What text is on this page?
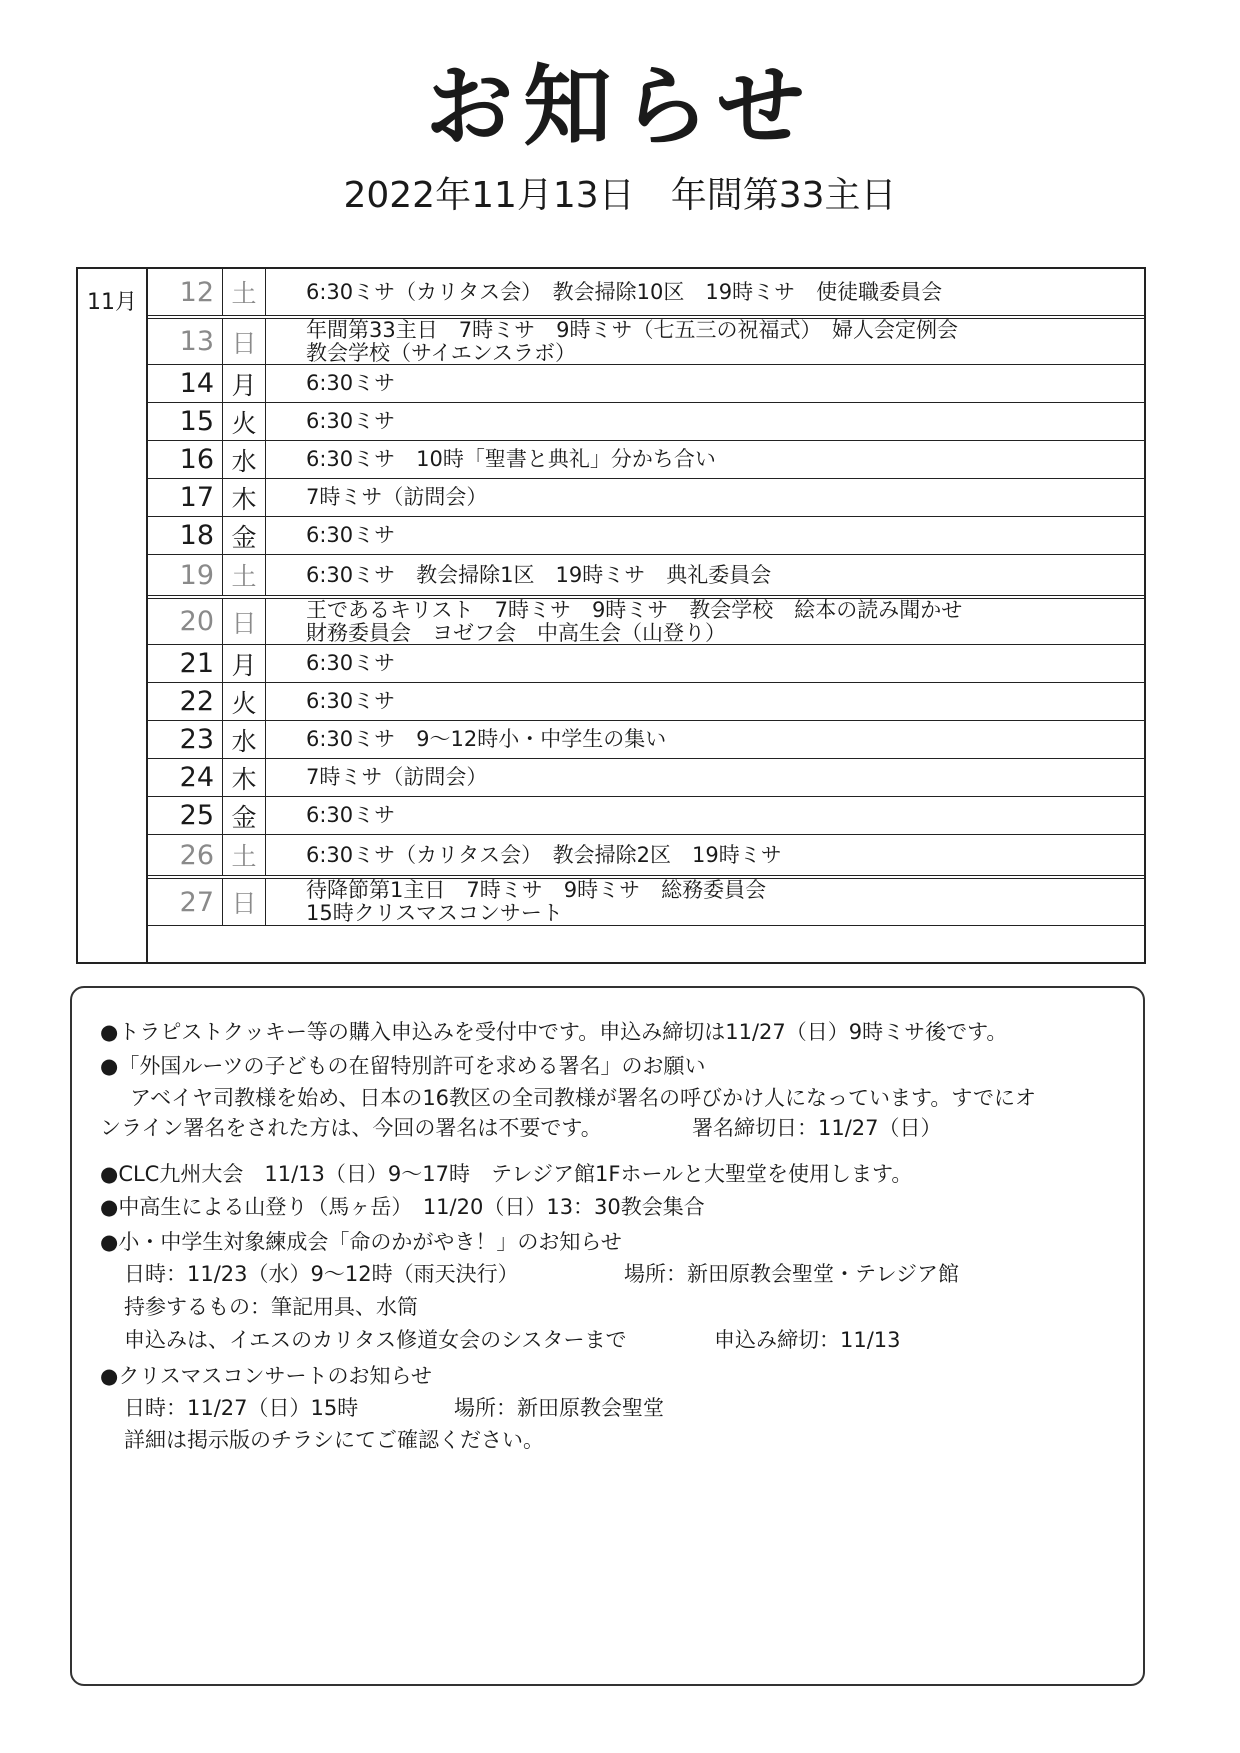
お知らせ
2022年11月13日　年間第33主日
11月	12 土	6:30ミサ（カリタス会）　教会掃除10区　19時ミサ　使徒職委員会
13 日	年間第33主日　7時ミサ　9時ミサ（七五三の祝福式）　婦人会定例会
教会学校（サイエンスラボ）
14 月	6:30ミサ
15 火	6:30ミサ
16 水	6:30ミサ　10時「聖書と典礼」分かち合い
17 木	7時ミサ（訪問会）
18 金	6:30ミサ
19 土	6:30ミサ　教会掃除1区　19時ミサ　典礼委員会
20 日	王であるキリスト　7時ミサ　9時ミサ　教会学校　絵本の読み聞かせ
財務委員会　ヨゼフ会　中高生会（山登り）
21 月	6:30ミサ
22 火	6:30ミサ
23 水	6:30ミサ　9～12時小・中学生の集い
24 木	7時ミサ（訪問会）
25 金	6:30ミサ
26 土	6:30ミサ（カリタス会）　教会掃除2区　19時ミサ
27 日	待降節第1主日　7時ミサ　9時ミサ　総務委員会
15時クリスマスコンサート
●トラピストクッキー等の購入申込みを受付中です。申込み締切は11/27（日）9時ミサ後です。
●「外国ルーツの子どもの在留特別許可を求める署名」のお願い
アベイヤ司教様を始め、日本の16教区の全司教様が署名の呼びかけ人になっています。すでにオ
ンライン署名をされた方は、今回の署名は不要です。	署名締切日：11/27（日）
●CLC九州大会　11/13（日）9～17時　テレジア館1Fホールと大聖堂を使用します。
●中高生による山登り（馬ヶ岳）　11/20（日）13：30教会集合
●小・中学生対象練成会「命のかがやき！」のお知らせ
日時：11/23（水）9～12時（雨天決行）	場所：新田原教会聖堂・テレジア館
持参するもの：筆記用具、水筒
申込みは、イエスのカリタス修道女会のシスターまで	申込み締切：11/13
●クリスマスコンサートのお知らせ
日時：11/27（日）15時	場所：新田原教会聖堂
詳細は掲示版のチラシにてご確認ください。
